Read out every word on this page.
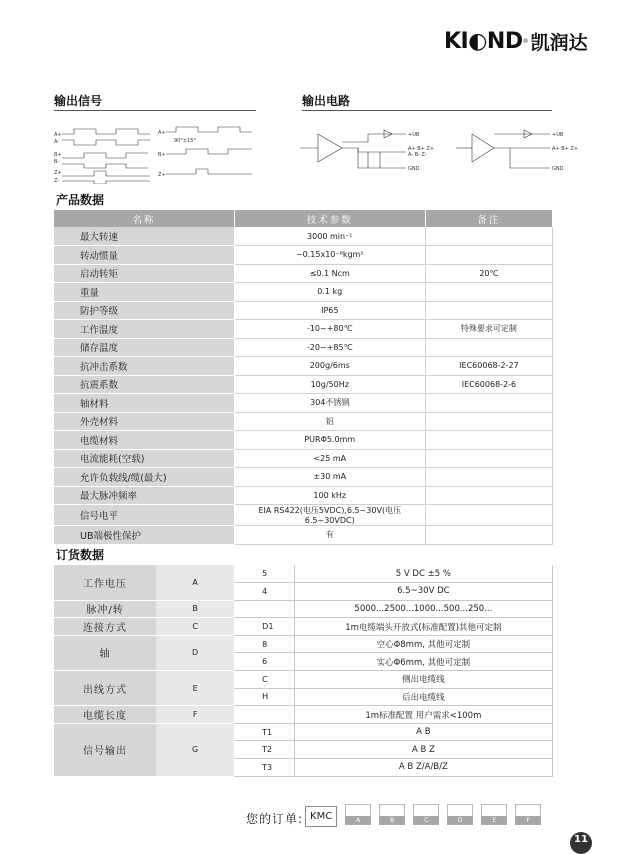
KI◐ND ® 凯润达
输出信号	输出电路
A+
A-
B+
B-
Z+
Z-
A+
B+
Z+
90°±15°
+UB
A+ B+ Z+
A- B- Z-
GND
+UB
A+ B+ Z+
GND
产品数据
名称	技术参数	备注
最大转速	3000 min⁻¹	
转动惯量	~0.15x10⁻⁶kgm²	
启动转矩	≤0.1 Ncm	20℃
重量	0.1 kg	
防护等级	IP65	
工作温度	-10~+80℃	特殊要求可定制
储存温度	-20~+85℃	
抗冲击系数	200g/6ms	IEC60068-2-27
抗震系数	10g/50Hz	IEC60068-2-6
轴材料	304不锈钢	
外壳材料	铝	
电缆材料	PURΦ5.0mm	
电流能耗(空载)	<25 mA	
允许负载线/缆(最大)	±30 mA	
最大脉冲频率	100 kHz	
信号电平	EIA RS422(电压5VDC),6.5~30V(电压6.5~30VDC)	
UB端极性保护	有	
订货数据
工作电压	A	5	5 V DC ±5 %
		4	6.5~30V DC
脉冲/转	B		5000...2500...1000...500...250...
连接方式	C	D1	1m电缆端头开放式(标准配置)其他可定制
轴	D	8	空心Φ8mm, 其他可定制
		6	实心Φ6mm, 其他可定制
出线方式	E	C	侧出电缆线
		H	后出电缆线
电缆长度	F		1m标准配置 用户需求<100m
信号输出	G	T1	A B
		T2	A B Z
		T3	A B Z/A/B/Z
您的订单: KMC	A	B	C	D	E	F
11
